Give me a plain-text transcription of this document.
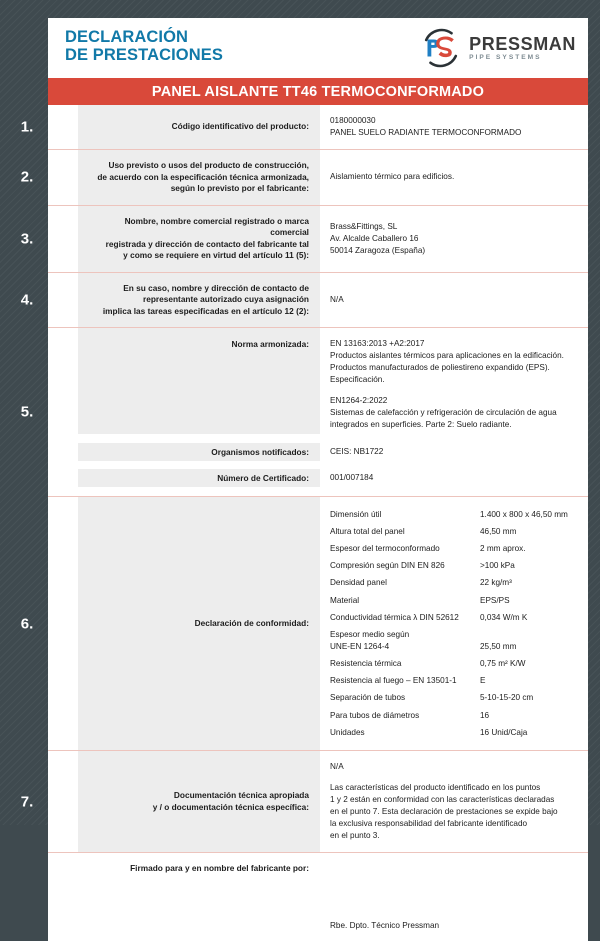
DECLARACIÓN
DE PRESTACIONES
PRESSMAN
PIPE SYSTEMS
PANEL AISLANTE TT46 TERMOCONFORMADO
1.	Código identificativo del producto:

0180000030

PANEL SUELO RADIANTE TERMOCONFORMADO

2.
Uso previsto o usos del producto de construcción,
de acuerdo con la especificación técnica armonizada,
según lo previsto por el fabricante:

Aislamiento térmico para edificios.

3.
Nombre, nombre comercial registrado o marca comercial
registrada y dirección de contacto del fabricante tal
y como se requiere en virtud del artículo 11 (5):

Brass&Fittings, SL

Av. Alcalde Caballero 16

50014 Zaragoza (España)

4.
En su caso, nombre y dirección de contacto de
representante autorizado cuya asignación
implica las tareas especificadas en el artículo 12 (2):

N/A

5.
Norma armonizada:	EN 13163:2013 +A2:2017

Productos aislantes térmicos para aplicaciones en la edificación.

Productos manufacturados de poliestireno expandido (EPS).

Especificación.

EN1264-2:2022

Sistemas de calefacción y refrigeración de circulación de agua

integrados en superficies. Parte 2: Suelo radiante.

Organismos notificados:	CEIS: NB1722
Número de Certificado:	001/007184
6.	Declaración de conformidad:
Dimensión útil	1.400 x 800 x 46,50 mm
Altura total del panel	46,50 mm
Espesor del termoconformado	2 mm aprox.
Compresión según DIN EN 826	>100 kPa
Densidad panel	22 kg/m³
Material	EPS/PS
Conductividad térmica λ DIN 52612	0,034 W/m K
Espesor medio según
UNE-EN 1264-4	25,50 mm
Resistencia térmica	0,75 m² K/W
Resistencia al fuego – EN 13501-1	E
Separación de tubos	5-10-15-20 cm
Para tubos de diámetros	16
Unidades	16 Unid/Caja
7.	Documentación técnica apropiada
y / o documentación técnica específica:

N/A

Las características del producto identificado en los puntos

1 y 2 están en conformidad con las características declaradas

en el punto 7. Esta declaración de prestaciones se expide bajo

la exclusiva responsabilidad del fabricante identificado

en el punto 3.

Firmado para y en nombre del fabricante por:
Rbe. Dpto. Técnico Pressman
